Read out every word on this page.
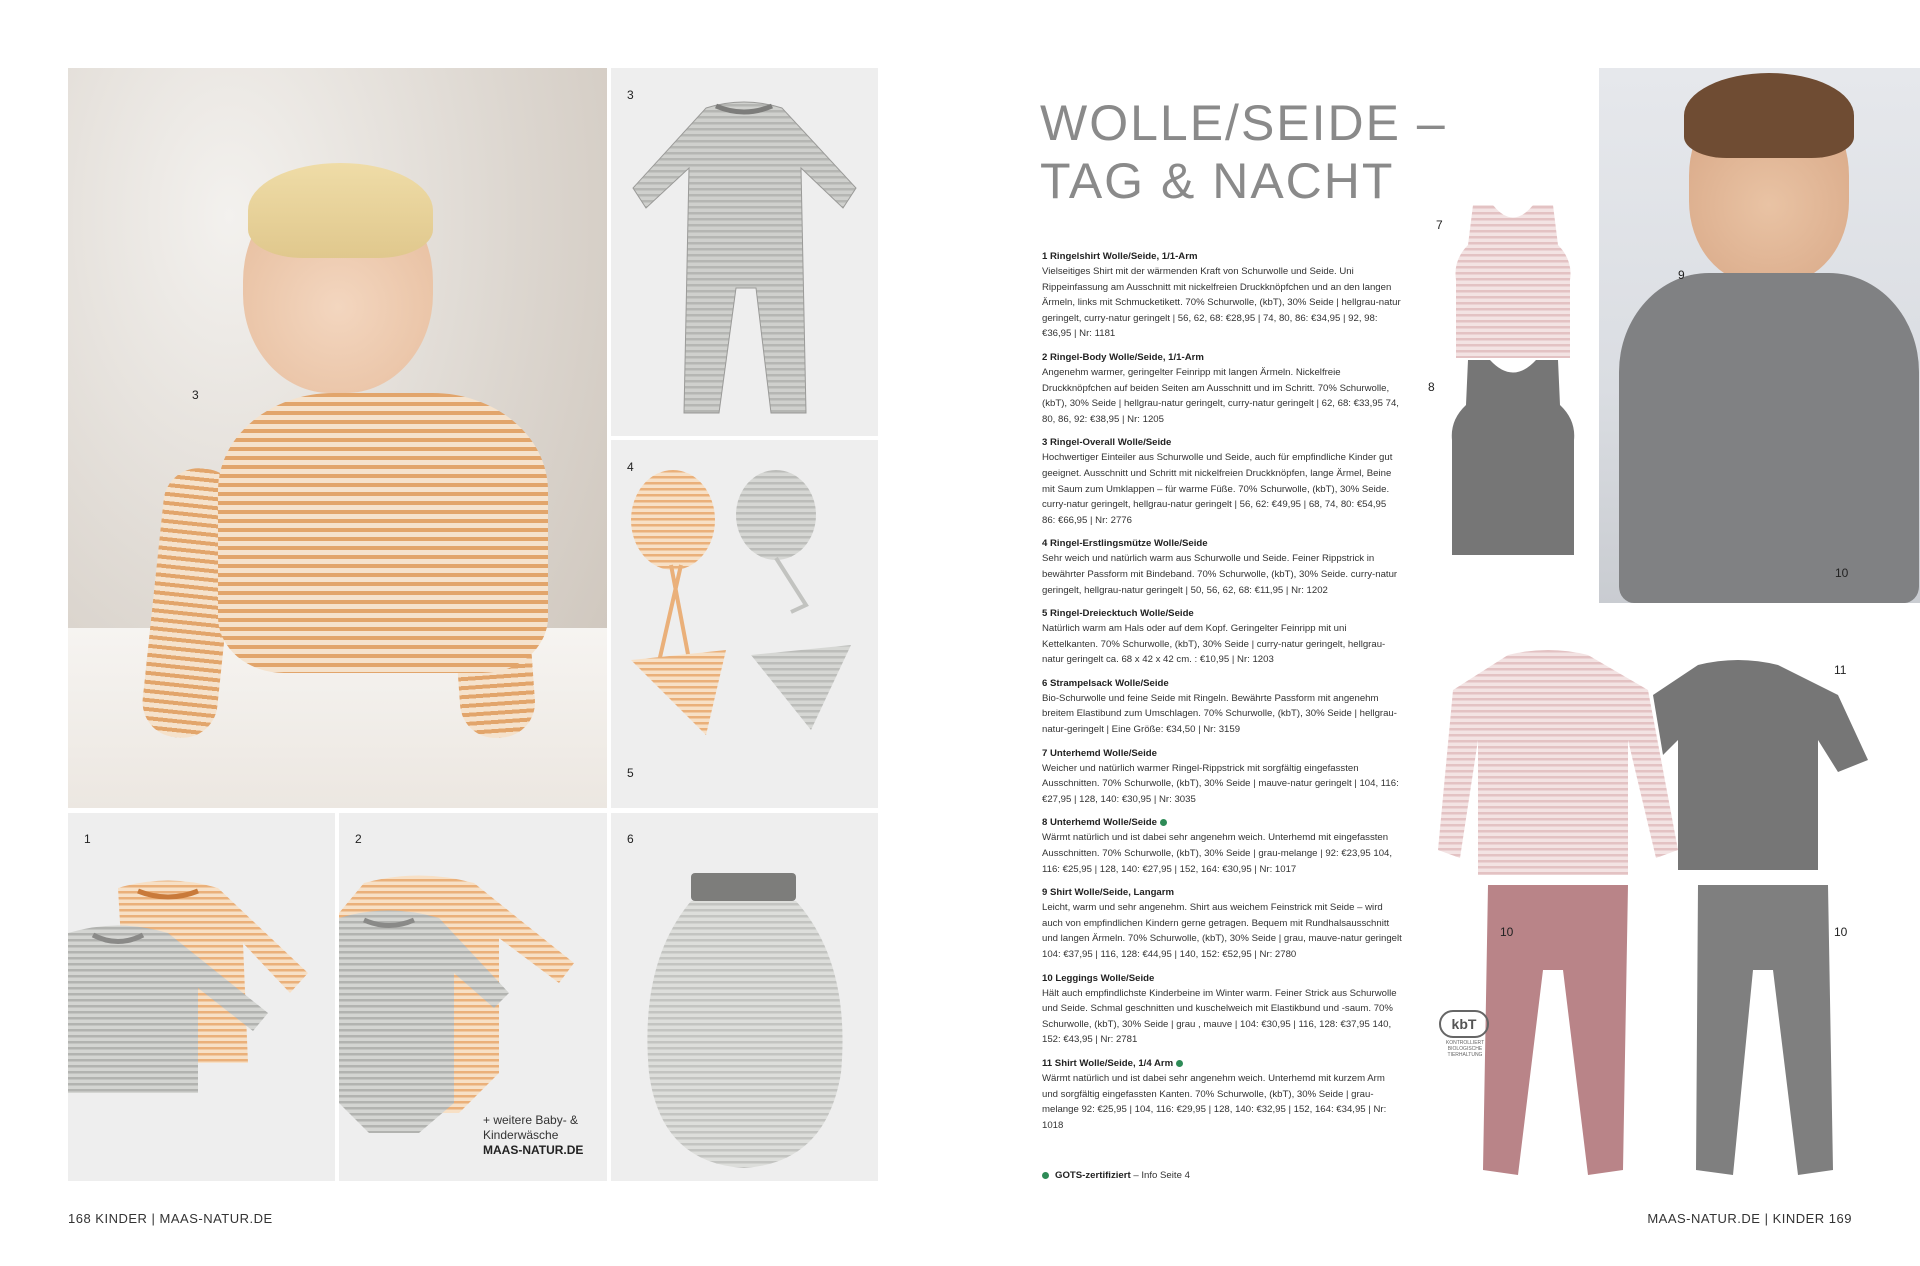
3
3
4
5
1	2
+ weitere Baby- &
Kinderwäsche
MAAS-NATUR.DE
6
168 KINDER | MAAS-NATUR.DE
WOLLE/SEIDE –
TAG & NACHT
1 Ringelshirt Wolle/Seide, 1/1-Arm
Vielseitiges Shirt mit der wärmenden Kraft von Schurwolle und Seide. Uni Rippeinfassung am Ausschnitt mit nickelfreien Druckknöpfchen und an den langen Ärmeln, links mit Schmucketikett. 70% Schurwolle, (kbT), 30% Seide | hellgrau-natur geringelt, curry-natur geringelt | 56, 62, 68: €28,95 | 74, 80, 86: €34,95 | 92, 98: €36,95 | Nr: 1181
2 Ringel-Body Wolle/Seide, 1/1-Arm
Angenehm warmer, geringelter Feinripp mit langen Ärmeln. Nickelfreie Druckknöpfchen auf beiden Seiten am Ausschnitt und im Schritt. 70% Schurwolle, (kbT), 30% Seide | hellgrau-natur geringelt, curry-natur geringelt | 62, 68: €33,95 74, 80, 86, 92: €38,95 | Nr: 1205
3 Ringel-Overall Wolle/Seide
Hochwertiger Einteiler aus Schurwolle und Seide, auch für empfindliche Kinder gut geeignet. Ausschnitt und Schritt mit nickelfreien Druckknöpfen, lange Ärmel, Beine mit Saum zum Umklappen – für warme Füße. 70% Schurwolle, (kbT), 30% Seide. curry-natur geringelt, hellgrau-natur geringelt | 56, 62: €49,95 | 68, 74, 80: €54,95 86: €66,95 | Nr: 2776
4 Ringel-Erstlingsmütze Wolle/Seide
Sehr weich und natürlich warm aus Schurwolle und Seide. Feiner Rippstrick in bewährter Passform mit Bindeband. 70% Schurwolle, (kbT), 30% Seide. curry-natur geringelt, hellgrau-natur geringelt | 50, 56, 62, 68: €11,95 | Nr: 1202
5 Ringel-Dreiecktuch Wolle/Seide
Natürlich warm am Hals oder auf dem Kopf. Geringelter Feinripp mit uni Kettelkanten. 70% Schurwolle, (kbT), 30% Seide | curry-natur geringelt, hellgrau-natur geringelt ca. 68 x 42 x 42 cm. : €10,95 | Nr: 1203
6 Strampelsack Wolle/Seide
Bio-Schurwolle und feine Seide mit Ringeln. Bewährte Passform mit angenehm breitem Elastibund zum Umschlagen. 70% Schurwolle, (kbT), 30% Seide | hellgrau-natur-geringelt | Eine Größe: €34,50 | Nr: 3159
7 Unterhemd Wolle/Seide
Weicher und natürlich warmer Ringel-Rippstrick mit sorgfältig eingefassten Ausschnitten. 70% Schurwolle, (kbT), 30% Seide | mauve-natur geringelt | 104, 116: €27,95 | 128, 140: €30,95 | Nr: 3035
8 Unterhemd Wolle/Seide
Wärmt natürlich und ist dabei sehr angenehm weich. Unterhemd mit eingefassten Ausschnitten. 70% Schurwolle, (kbT), 30% Seide | grau-melange | 92: €23,95 104, 116: €25,95 | 128, 140: €27,95 | 152, 164: €30,95 | Nr: 1017
9 Shirt Wolle/Seide, Langarm
Leicht, warm und sehr angenehm. Shirt aus weichem Feinstrick mit Seide – wird auch von empfindlichen Kindern gerne getragen. Bequem mit Rundhalsausschnitt und langen Ärmeln. 70% Schurwolle, (kbT), 30% Seide | grau, mauve-natur geringelt 104: €37,95 | 116, 128: €44,95 | 140, 152: €52,95 | Nr: 2780
10 Leggings Wolle/Seide
Hält auch empfindlichste Kinderbeine im Winter warm. Feiner Strick aus Schurwolle und Seide. Schmal geschnitten und kuschelweich mit Elastikbund und -saum. 70% Schurwolle, (kbT), 30% Seide | grau , mauve | 104: €30,95 | 116, 128: €37,95 140, 152: €43,95 | Nr: 2781
11 Shirt Wolle/Seide, 1/4 Arm
Wärmt natürlich und ist dabei sehr angenehm weich. Unterhemd mit kurzem Arm und sorgfältig eingefassten Kanten. 70% Schurwolle, (kbT), 30% Seide | grau-melange 92: €25,95 | 104, 116: €29,95 | 128, 140: €32,95 | 152, 164: €34,95 | Nr: 1018
GOTS-zertifiziert – Info Seite 4
7
8
9
10
11
10	10
kbT
KONTROLLIERT BIOLOGISCHE TIERHALTUNG
MAAS-NATUR.DE | KINDER 169
